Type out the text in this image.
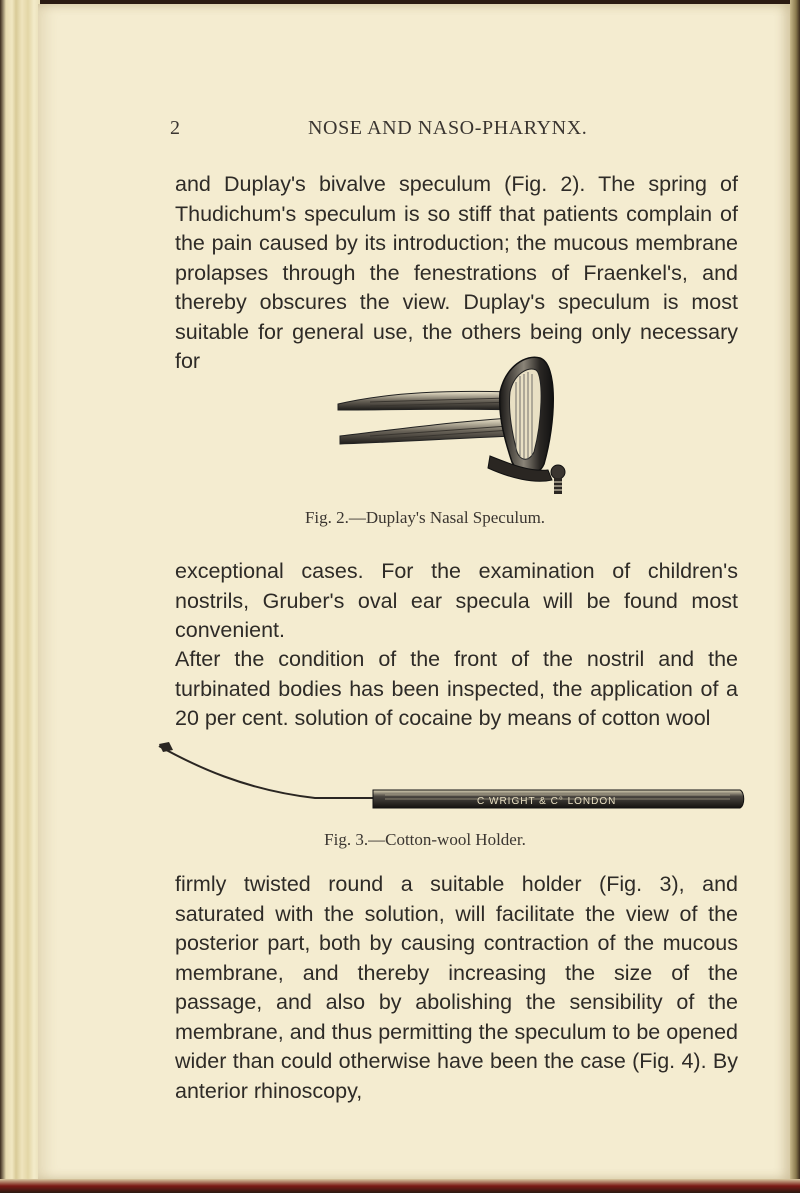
2	NOSE AND NASO-PHARYNX.
and Duplay's bivalve speculum (Fig. 2). The spring of Thudichum's speculum is so stiff that patients complain of the pain caused by its introduction; the mucous membrane prolapses through the fenestrations of Fraenkel's, and thereby obscures the view. Duplay's speculum is most suitable for general use, the others being only necessary for
Fig. 2.—Duplay's Nasal Speculum.
exceptional cases. For the examination of children's nostrils, Gruber's oval ear specula will be found most convenient.
After the condition of the front of the nostril and the turbinated bodies has been inspected, the application of a 20 per cent. solution of cocaine by means of cotton wool
C WRIGHT & C° LONDON
Fig. 3.—Cotton-wool Holder.
firmly twisted round a suitable holder (Fig. 3), and saturated with the solution, will facilitate the view of the posterior part, both by causing contraction of the mucous membrane, and thereby increasing the size of the passage, and also by abolishing the sensibility of the membrane, and thus permitting the speculum to be opened wider than could otherwise have been the case (Fig. 4). By anterior rhinoscopy,
